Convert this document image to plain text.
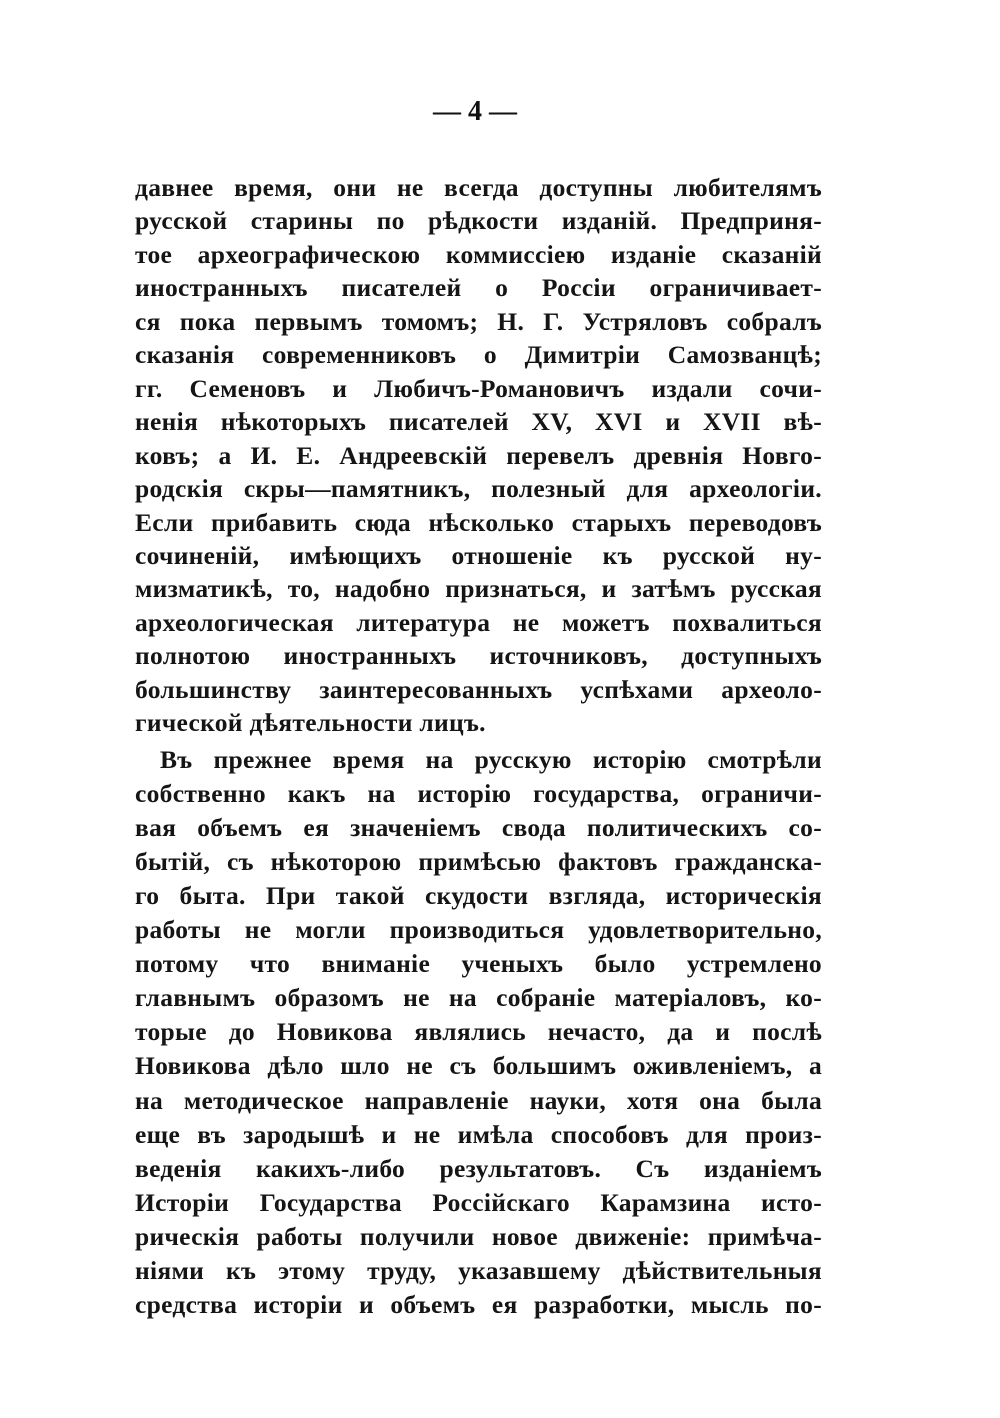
— 4 —
давнее время, они не всегда доступны любителямъ
русской старины по рѣдкости изданій. Предприня-
тое археографическою коммиссіею изданіе сказаній
иностранныхъ писателей о Россіи ограничивает-
ся пока первымъ томомъ; Н. Г. Устряловъ собралъ
сказанія современниковъ о Димитріи Самозванцѣ;
гг. Семеновъ и Любичъ-Романовичъ издали сочи-
ненія нѣкоторыхъ писателей XV, XVI и XVII вѣ-
ковъ; а И. Е. Андреевскій перевелъ древнія Новго-
родскія скры—памятникъ, полезный для археологіи.
Если прибавить сюда нѣсколько старыхъ переводовъ
сочиненій, имѣющихъ отношеніе къ русской ну-
мизматикѣ, то, надобно признаться, и затѣмъ русская
археологическая литература не можетъ похвалиться
полнотою иностранныхъ источниковъ, доступныхъ
большинству заинтересованныхъ успѣхами археоло-
гической дѣятельности лицъ.
Въ прежнее время на русскую исторію смотрѣли
собственно какъ на исторію государства, ограничи-
вая объемъ ея значеніемъ свода политическихъ со-
бытій, съ нѣкоторою примѣсью фактовъ гражданска-
го быта. При такой скудости взгляда, историческія
работы не могли производиться удовлетворительно,
потому что вниманіе ученыхъ было устремлено
главнымъ образомъ не на собраніе матеріаловъ, ко-
торые до Новикова являлись нечасто, да и послѣ
Новикова дѣло шло не съ большимъ оживленіемъ, а
на методическое направленіе науки, хотя она была
еще въ зародышѣ и не имѣла способовъ для произ-
веденія какихъ-либо результатовъ. Съ изданіемъ
Исторіи Государства Россійскаго Карамзина исто-
рическія работы получили новое движеніе: примѣча-
ніями къ этому труду, указавшему дѣйствительныя
средства исторіи и объемъ ея разработки, мысль по-
